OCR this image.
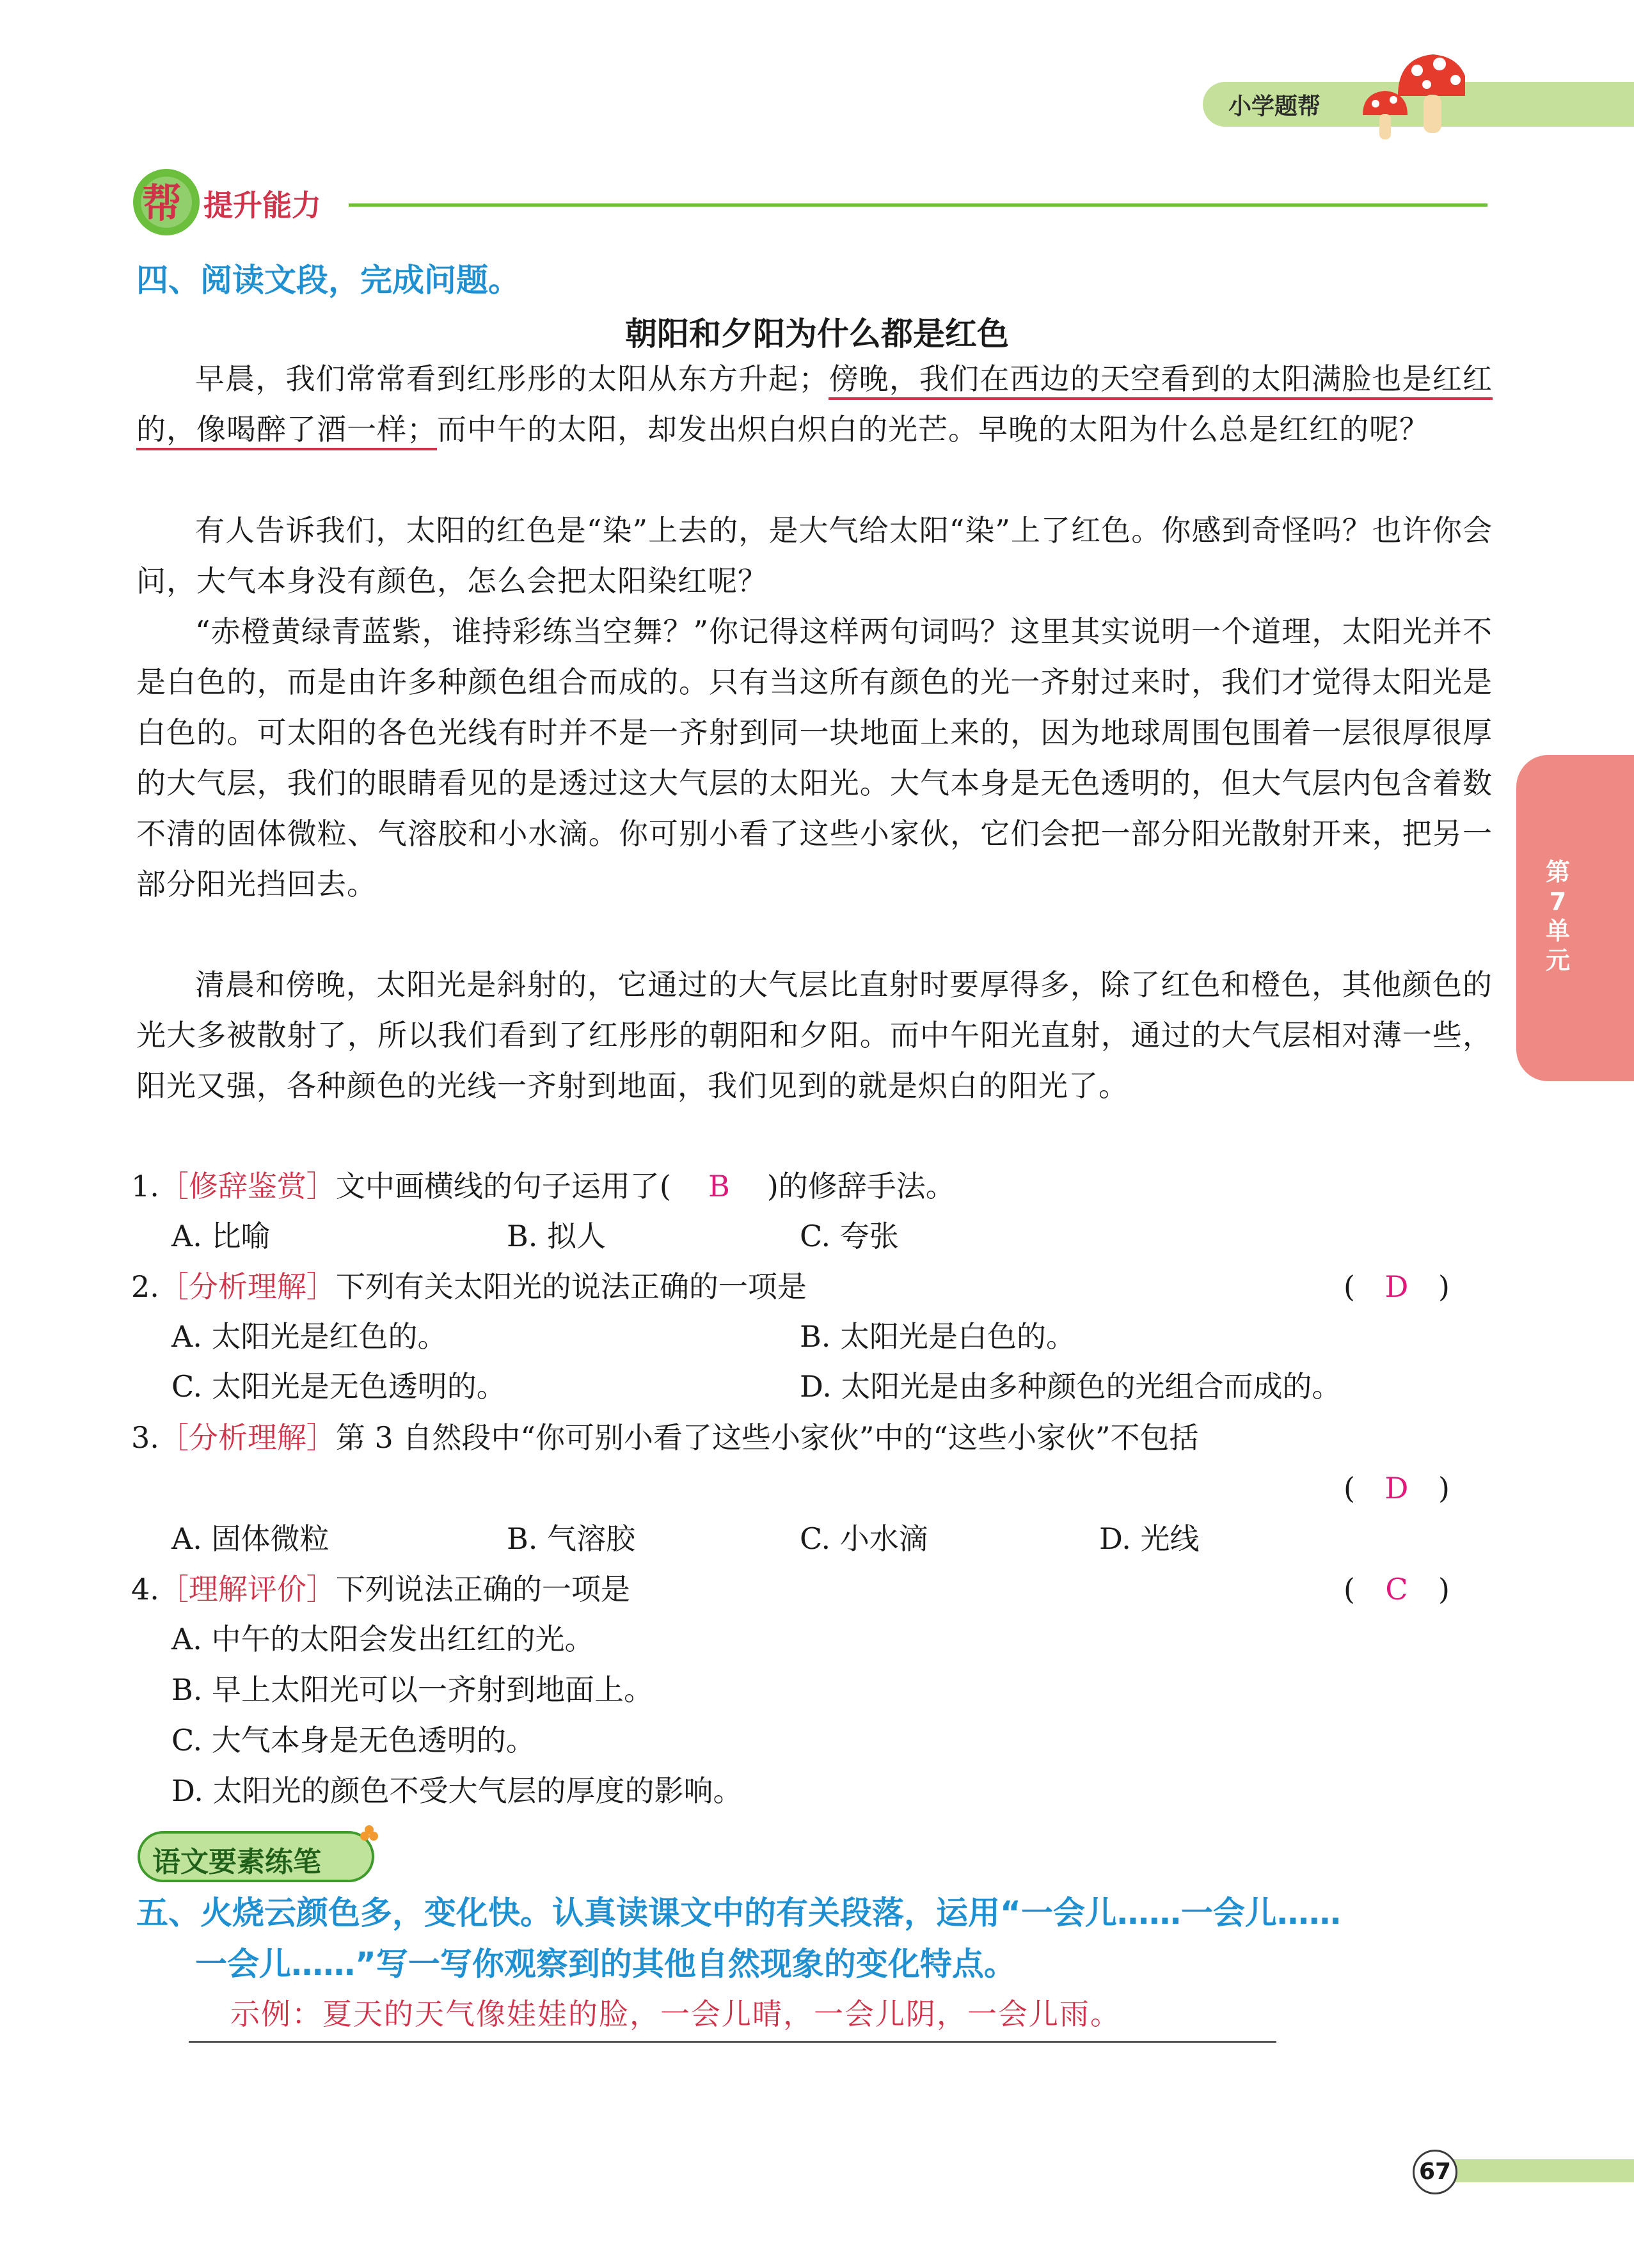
小学题帮
帮 提升能力
四、阅读文段，完成问题。
朝阳和夕阳为什么都是红色

早晨，我们常常看到红彤彤的太阳从东方升起；傍晚，我们在西边的天空看到的太阳满脸也是红红的，像喝醉了酒一样；而中午的太阳，却发出炽白炽白的光芒。早晚的太阳为什么总是红红的呢？

有人告诉我们，太阳的红色是“染”上去的，是大气给太阳“染”上了红色。你感到奇怪吗？也许你会问，大气本身没有颜色，怎么会把太阳染红呢？

“赤橙黄绿青蓝紫，谁持彩练当空舞？”你记得这样两句词吗？这里其实说明一个道理，太阳光并不是白色的，而是由许多种颜色组合而成的。只有当这所有颜色的光一齐射过来时，我们才觉得太阳光是白色的。可太阳的各色光线有时并不是一齐射到同一块地面上来的，因为地球周围包围着一层很厚很厚的大气层，我们的眼睛看见的是透过这大气层的太阳光。大气本身是无色透明的，但大气层内包含着数不清的固体微粒、气溶胶和小水滴。你可别小看了这些小家伙，它们会把一部分阳光散射开来，把另一部分阳光挡回去。

清晨和傍晚，太阳光是斜射的，它通过的大气层比直射时要厚得多，除了红色和橙色，其他颜色的光大多被散射了，所以我们看到了红彤彤的朝阳和夕阳。而中午阳光直射，通过的大气层相对薄一些，阳光又强，各种颜色的光线一齐射到地面，我们见到的就是炽白的阳光了。

1.［修辞鉴赏］文中画横线的句子运用了( B )的修辞手法。
A. 比喻	B. 拟人	C. 夸张
2.［分析理解］下列有关太阳光的说法正确的一项是	( D )
A. 太阳光是红色的。	B. 太阳光是白色的。
C. 太阳光是无色透明的。	D. 太阳光是由多种颜色的光组合而成的。
3.［分析理解］第 3 自然段中“你可别小看了这些小家伙”中的“这些小家伙”不包括
( D )
A. 固体微粒	B. 气溶胶	C. 小水滴	D. 光线
4.［理解评价］下列说法正确的一项是	( C )
A. 中午的太阳会发出红红的光。
B. 早上太阳光可以一齐射到地面上。
C. 大气本身是无色透明的。
D. 太阳光的颜色不受大气层的厚度的影响。
语文要素练笔
五、火烧云颜色多，变化快。认真读课文中的有关段落，运用“一会儿……一会儿……
一会儿……”写一写你观察到的其他自然现象的变化特点。
示例：夏天的天气像娃娃的脸，一会儿晴，一会儿阴，一会儿雨。
第7单元
67
